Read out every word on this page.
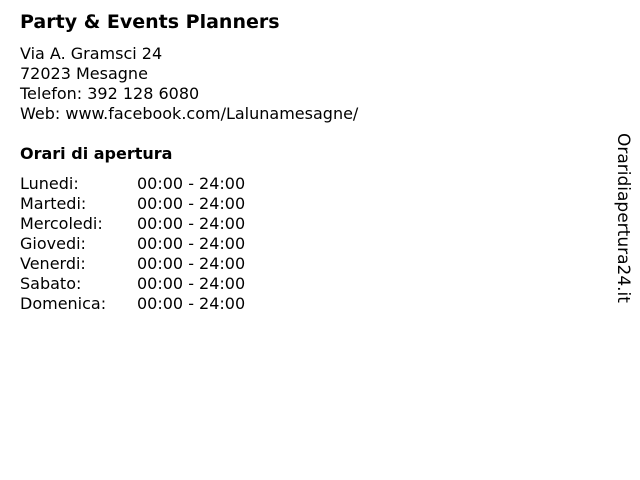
Party & Events Planners
Via A. Gramsci 24
72023 Mesagne
Telefon: 392 128 6080
Web: www.facebook.com/Lalunamesagne/
Orari di apertura
Lunedi:	00:00 - 24:00
Martedi:	00:00 - 24:00
Mercoledi:	00:00 - 24:00
Giovedi:	00:00 - 24:00
Venerdi:	00:00 - 24:00
Sabato:	00:00 - 24:00
Domenica:	00:00 - 24:00
Oraridiapertura24.it
